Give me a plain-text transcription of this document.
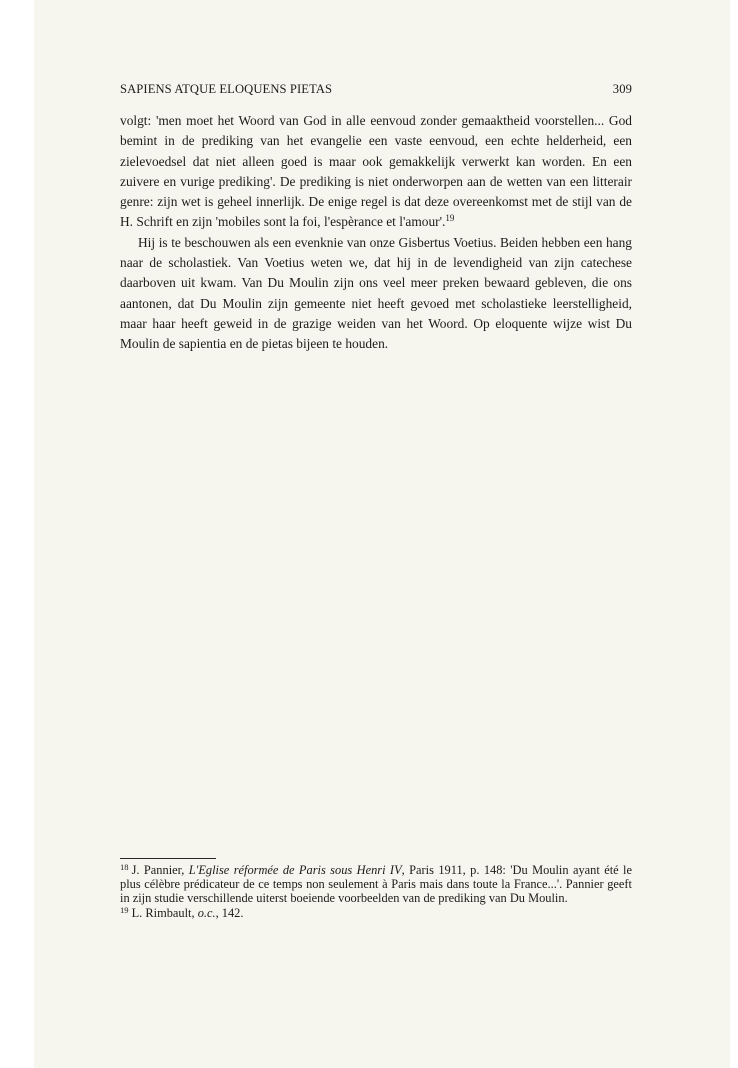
SAPIENS ATQUE ELOQUENS PIETAS	309

volgt: 'men moet het Woord van God in alle eenvoud zonder gemaaktheid voorstellen... God bemint in de prediking van het evangelie een vaste eenvoud, een echte helderheid, een zielevoedsel dat niet alleen goed is maar ook gemakkelijk verwerkt kan worden. En een zuivere en vurige prediking'. De prediking is niet onderworpen aan de wetten van een litterair genre: zijn wet is geheel innerlijk. De enige regel is dat deze overeenkomst met de stijl van de H. Schrift en zijn 'mobiles sont la foi, l'espèrance et l'amour'.$^{19}$

Hij is te beschouwen als een evenknie van onze Gisbertus Voetius. Beiden hebben een hang naar de scholastiek. Van Voetius weten we, dat hij in de levendigheid van zijn catechese daarboven uit kwam. Van Du Moulin zijn ons veel meer preken bewaard gebleven, die ons aantonen, dat Du Moulin zijn gemeente niet heeft gevoed met scholastieke leerstelligheid, maar haar heeft geweid in de grazige weiden van het Woord. Op eloquente wijze wist Du Moulin de sapientia en de pietas bijeen te houden.

$^{18}$ J. Pannier, L'Eglise réformée de Paris sous Henri IV, Paris 1911, p. 148: 'Du Moulin ayant été le plus célèbre prédicateur de ce temps non seulement à Paris mais dans toute la France...'. Pannier geeft in zijn studie verschillende uiterst boeiende voorbeelden van de prediking van Du Moulin.

$^{19}$ L. Rimbault, o.c., 142.
